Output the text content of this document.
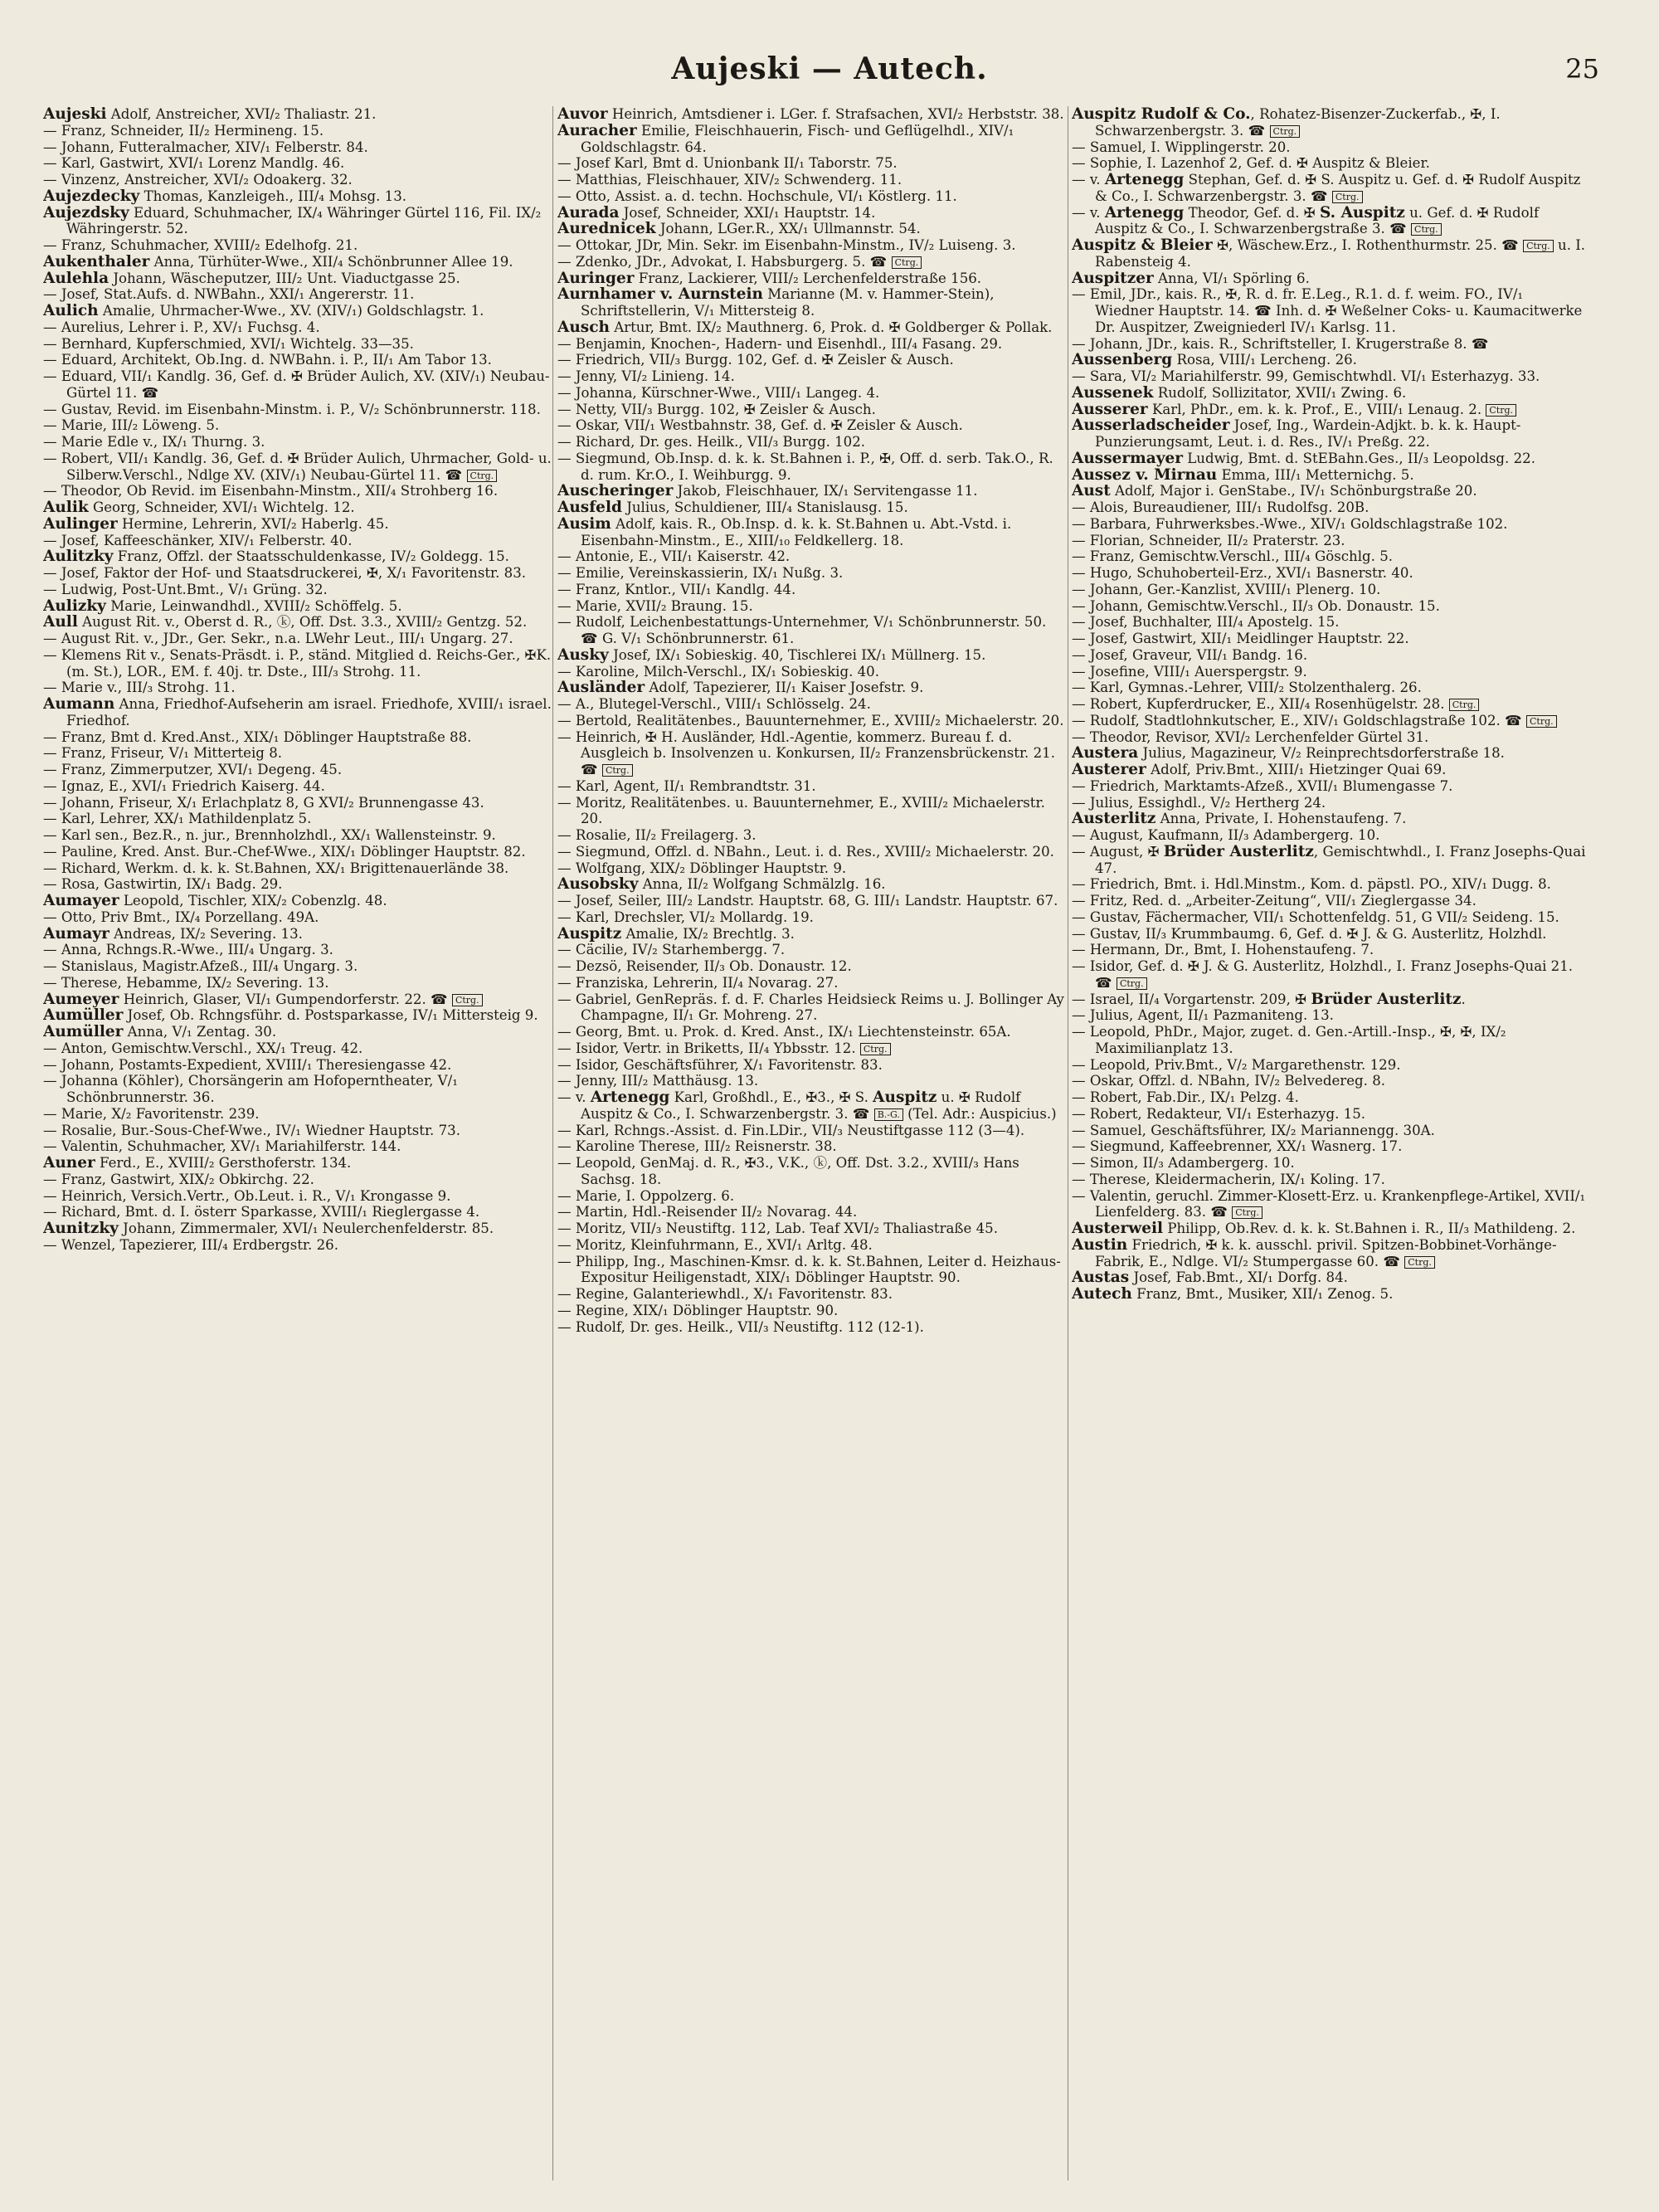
Aujeski — Autech.	25
Aujeski Adolf, Anstreicher, XVI/₂ Thaliastr. 21.
— Franz, Schneider, II/₂ Hermineng. 15.
— Johann, Futteralmacher, XIV/₁ Felberstr. 84.
— Karl, Gastwirt, XVI/₁ Lorenz Mandlg. 46.
— Vinzenz, Anstreicher, XVI/₂ Odoakerg. 32.
Aujezdecky Thomas, Kanzleigeh., III/₄ Mohsg. 13.
Aujezdsky Eduard, Schuhmacher, IX/₄ Währinger Gürtel 116, Fil. IX/₂ Währingerstr. 52.
— Franz, Schuhmacher, XVIII/₂ Edelhofg. 21.
Aukenthaler Anna, Türhüter-Wwe., XII/₄ Schönbrunner Allee 19.
Aulehla Johann, Wäscheputzer, III/₂ Unt. Viaductgasse 25.
— Josef, Stat.Aufs. d. NWBahn., XXI/₁ Angererstr. 11.
Aulich Amalie, Uhrmacher-Wwe., XV. (XIV/₁) Goldschlagstr. 1.
— Aurelius, Lehrer i. P., XV/₁ Fuchsg. 4.
— Bernhard, Kupferschmied, XVI/₁ Wichtelg. 33—35.
— Eduard, Architekt, Ob.Ing. d. NWBahn. i. P., II/₁ Am Tabor 13.
— Eduard, VII/₁ Kandlg. 36, Gef. d. ✠ Brüder Aulich, XV. (XIV/₁) Neubau-Gürtel 11. ☎
— Gustav, Revid. im Eisenbahn-Minstm. i. P., V/₂ Schönbrunnerstr. 118.
— Marie, III/₂ Löweng. 5.
— Marie Edle v., IX/₁ Thurng. 3.
— Robert, VII/₁ Kandlg. 36, Gef. d. ✠ Brüder Aulich, Uhrmacher, Gold- u. Silberw.Verschl., Ndlge XV. (XIV/₁) Neubau-Gürtel 11. ☎ Ctrg.
— Theodor, Ob Revid. im Eisenbahn-Minstm., XII/₄ Strohberg 16.
Aulik Georg, Schneider, XVI/₁ Wichtelg. 12.
Aulinger Hermine, Lehrerin, XVI/₂ Haberlg. 45.
— Josef, Kaffeeschänker, XIV/₁ Felberstr. 40.
Aulitzky Franz, Offzl. der Staatsschuldenkasse, IV/₂ Goldegg. 15.
— Josef, Faktor der Hof- und Staatsdruckerei, ✠, X/₁ Favoritenstr. 83.
— Ludwig, Post-Unt.Bmt., V/₁ Grüng. 32.
Aulizky Marie, Leinwandhdl., XVIII/₂ Schöffelg. 5.
Aull August Rit. v., Oberst d. R., ⓚ, Off. Dst. 3.3., XVIII/₂ Gentzg. 52.
— August Rit. v., JDr., Ger. Sekr., n.a. LWehr Leut., III/₁ Ungarg. 27.
— Klemens Rit v., Senats-Präsdt. i. P., ständ. Mitglied d. Reichs-Ger., ✠K. (m. St.), LOR., EM. f. 40j. tr. Dste., III/₃ Strohg. 11.
— Marie v., III/₃ Strohg. 11.
Aumann Anna, Friedhof-Aufseherin am israel. Friedhofe, XVIII/₁ israel. Friedhof.
— Franz, Bmt d. Kred.Anst., XIX/₁ Döblinger Hauptstraße 88.
— Franz, Friseur, V/₁ Mitterteig 8.
— Franz, Zimmerputzer, XVI/₁ Degeng. 45.
— Ignaz, E., XVI/₁ Friedrich Kaiserg. 44.
— Johann, Friseur, X/₁ Erlachplatz 8, G XVI/₂ Brunnengasse 43.
— Karl, Lehrer, XX/₁ Mathildenplatz 5.
— Karl sen., Bez.R., n. jur., Brennholzhdl., XX/₁ Wallensteinstr. 9.
— Pauline, Kred. Anst. Bur.-Chef-Wwe., XIX/₁ Döblinger Hauptstr. 82.
— Richard, Werkm. d. k. k. St.Bahnen, XX/₁ Brigittenauerlände 38.
— Rosa, Gastwirtin, IX/₁ Badg. 29.
Aumayer Leopold, Tischler, XIX/₂ Cobenzlg. 48.
— Otto, Priv Bmt., IX/₄ Porzellang. 49A.
Aumayr Andreas, IX/₂ Severing. 13.
— Anna, Rchngs.R.-Wwe., III/₄ Ungarg. 3.
— Stanislaus, Magistr.Afzeß., III/₄ Ungarg. 3.
— Therese, Hebamme, IX/₂ Severing. 13.
Aumeyer Heinrich, Glaser, VI/₁ Gumpendorferstr. 22. ☎ Ctrg.
Aumüller Josef, Ob. Rchngsführ. d. Postsparkasse, IV/₁ Mittersteig 9.
Aumüller Anna, V/₁ Zentag. 30.
— Anton, Gemischtw.Verschl., XX/₁ Treug. 42.
— Johann, Postamts-Expedient, XVIII/₁ Theresiengasse 42.
— Johanna (Köhler), Chorsängerin am Hofoperntheater, V/₁ Schönbrunnerstr. 36.
— Marie, X/₂ Favoritenstr. 239.
— Rosalie, Bur.-Sous-Chef-Wwe., IV/₁ Wiedner Hauptstr. 73.
— Valentin, Schuhmacher, XV/₁ Mariahilferstr. 144.
Auner Ferd., E., XVIII/₂ Gersthoferstr. 134.
— Franz, Gastwirt, XIX/₂ Obkirchg. 22.
— Heinrich, Versich.Vertr., Ob.Leut. i. R., V/₁ Krongasse 9.
— Richard, Bmt. d. I. österr Sparkasse, XVIII/₁ Rieglergasse 4.
Aunitzky Johann, Zimmermaler, XVI/₁ Neulerchenfelderstr. 85.
— Wenzel, Tapezierer, III/₄ Erdbergstr. 26.
Auvor Heinrich, Amtsdiener i. LGer. f. Strafsachen, XVI/₂ Herbststr. 38.
Auracher Emilie, Fleischhauerin, Fisch- und Geflügelhdl., XIV/₁ Goldschlagstr. 64.
— Josef Karl, Bmt d. Unionbank II/₁ Taborstr. 75.
— Matthias, Fleischhauer, XIV/₂ Schwenderg. 11.
— Otto, Assist. a. d. techn. Hochschule, VI/₁ Köstlerg. 11.
Aurada Josef, Schneider, XXI/₁ Hauptstr. 14.
Aurednicek Johann, LGer.R., XX/₁ Ullmannstr. 54.
— Ottokar, JDr, Min. Sekr. im Eisenbahn-Minstm., IV/₂ Luiseng. 3.
— Zdenko, JDr., Advokat, I. Habsburgerg. 5. ☎ Ctrg.
Auringer Franz, Lackierer, VIII/₂ Lerchenfelderstraße 156.
Aurnhamer v. Aurnstein Marianne (M. v. Hammer-Stein), Schriftstellerin, V/₁ Mittersteig 8.
Ausch Artur, Bmt. IX/₂ Mauthnerg. 6, Prok. d. ✠ Goldberger & Pollak.
— Benjamin, Knochen-, Hadern- und Eisenhdl., III/₄ Fasang. 29.
— Friedrich, VII/₃ Burgg. 102, Gef. d. ✠ Zeisler & Ausch.
— Jenny, VI/₂ Linieng. 14.
— Johanna, Kürschner-Wwe., VIII/₁ Langeg. 4.
— Netty, VII/₃ Burgg. 102, ✠ Zeisler & Ausch.
— Oskar, VII/₁ Westbahnstr. 38, Gef. d. ✠ Zeisler & Ausch.
— Richard, Dr. ges. Heilk., VII/₃ Burgg. 102.
— Siegmund, Ob.Insp. d. k. k. St.Bahnen i. P., ✠, Off. d. serb. Tak.O., R. d. rum. Kr.O., I. Weihburgg. 9.
Auscheringer Jakob, Fleischhauer, IX/₁ Servitengasse 11.
Ausfeld Julius, Schuldiener, III/₄ Stanislausg. 15.
Ausim Adolf, kais. R., Ob.Insp. d. k. k. St.Bahnen u. Abt.-Vstd. i. Eisenbahn-Minstm., E., XIII/₁₀ Feldkellerg. 18.
— Antonie, E., VII/₁ Kaiserstr. 42.
— Emilie, Vereinskassierin, IX/₁ Nußg. 3.
— Franz, Kntlor., VII/₁ Kandlg. 44.
— Marie, XVII/₂ Braung. 15.
— Rudolf, Leichenbestattungs-Unternehmer, V/₁ Schönbrunnerstr. 50. ☎ G. V/₁ Schönbrunnerstr. 61.
Ausky Josef, IX/₁ Sobieskig. 40, Tischlerei IX/₁ Müllnerg. 15.
— Karoline, Milch-Verschl., IX/₁ Sobieskig. 40.
Ausländer Adolf, Tapezierer, II/₁ Kaiser Josefstr. 9.
— A., Blutegel-Verschl., VIII/₁ Schlösselg. 24.
— Bertold, Realitätenbes., Bauunternehmer, E., XVIII/₂ Michaelerstr. 20.
— Heinrich, ✠ H. Ausländer, Hdl.-Agentie, kommerz. Bureau f. d. Ausgleich b. Insolvenzen u. Konkursen, II/₂ Franzensbrückenstr. 21. ☎ Ctrg.
— Karl, Agent, II/₁ Rembrandtstr. 31.
— Moritz, Realitätenbes. u. Bauunternehmer, E., XVIII/₂ Michaelerstr. 20.
— Rosalie, II/₂ Freilagerg. 3.
— Siegmund, Offzl. d. NBahn., Leut. i. d. Res., XVIII/₂ Michaelerstr. 20.
— Wolfgang, XIX/₂ Döblinger Hauptstr. 9.
Ausobsky Anna, II/₂ Wolfgang Schmälzlg. 16.
— Josef, Seiler, III/₂ Landstr. Hauptstr. 68, G. III/₁ Landstr. Hauptstr. 67.
— Karl, Drechsler, VI/₂ Mollardg. 19.
Auspitz Amalie, IX/₂ Brechtlg. 3.
— Cäcilie, IV/₂ Starhembergg. 7.
— Dezsö, Reisender, II/₃ Ob. Donaustr. 12.
— Franziska, Lehrerin, II/₄ Novarag. 27.
— Gabriel, GenRepräs. f. d. F. Charles Heidsieck Reims u. J. Bollinger Ay Champagne, II/₁ Gr. Mohreng. 27.
— Georg, Bmt. u. Prok. d. Kred. Anst., IX/₁ Liechtensteinstr. 65A.
— Isidor, Vertr. in Briketts, II/₄ Ybbsstr. 12. Ctrg.
— Isidor, Geschäftsführer, X/₁ Favoritenstr. 83.
— Jenny, III/₂ Matthäusg. 13.
— v. Artenegg Karl, Großhdl., E., ✠3., ✠ S. Auspitz u. ✠ Rudolf Auspitz & Co., I. Schwarzenbergstr. 3. ☎ B.-G. (Tel. Adr.: Auspicius.)
— Karl, Rchngs.-Assist. d. Fin.LDir., VII/₃ Neustiftgasse 112 (3—4).
— Karoline Therese, III/₂ Reisnerstr. 38.
— Leopold, GenMaj. d. R., ✠3., V.K., ⓚ, Off. Dst. 3.2., XVIII/₃ Hans Sachsg. 18.
— Marie, I. Oppolzerg. 6.
— Martin, Hdl.-Reisender II/₂ Novarag. 44.
— Moritz, VII/₃ Neustiftg. 112, Lab. Teaf XVI/₂ Thaliastraße 45.
— Moritz, Kleinfuhrmann, E., XVI/₁ Arltg. 48.
— Philipp, Ing., Maschinen-Kmsr. d. k. k. St.Bahnen, Leiter d. Heizhaus-Expositur Heiligenstadt, XIX/₁ Döblinger Hauptstr. 90.
— Regine, Galanteriewhdl., X/₁ Favoritenstr. 83.
— Regine, XIX/₁ Döblinger Hauptstr. 90.
— Rudolf, Dr. ges. Heilk., VII/₃ Neustiftg. 112 (12-1).
Auspitz Rudolf & Co., Rohatez-Bisenzer-Zuckerfab., ✠, I. Schwarzenbergstr. 3. ☎ Ctrg.
— Samuel, I. Wipplingerstr. 20.
— Sophie, I. Lazenhof 2, Gef. d. ✠ Auspitz & Bleier.
— v. Artenegg Stephan, Gef. d. ✠ S. Auspitz u. Gef. d. ✠ Rudolf Auspitz & Co., I. Schwarzenbergstr. 3. ☎ Ctrg.
— v. Artenegg Theodor, Gef. d. ✠ S. Auspitz u. Gef. d. ✠ Rudolf Auspitz & Co., I. Schwarzenbergstraße 3. ☎ Ctrg.
Auspitz & Bleier ✠, Wäschew.Erz., I. Rothenthurmstr. 25. ☎ Ctrg. u. I. Rabensteig 4.
Auspitzer Anna, VI/₁ Spörling 6.
— Emil, JDr., kais. R., ✠, R. d. fr. E.Leg., R.1. d. f. weim. FO., IV/₁ Wiedner Hauptstr. 14. ☎ Inh. d. ✠ Weßelner Coks- u. Kaumacitwerke Dr. Auspitzer, Zweigniederl IV/₁ Karlsg. 11.
— Johann, JDr., kais. R., Schriftsteller, I. Krugerstraße 8. ☎
Aussenberg Rosa, VIII/₁ Lercheng. 26.
— Sara, VI/₂ Mariahilferstr. 99, Gemischtwhdl. VI/₁ Esterhazyg. 33.
Aussenek Rudolf, Sollizitator, XVII/₁ Zwing. 6.
Ausserer Karl, PhDr., em. k. k. Prof., E., VIII/₁ Lenaug. 2. Ctrg.
Ausserladscheider Josef, Ing., Wardein-Adjkt. b. k. k. Haupt-Punzierungsamt, Leut. i. d. Res., IV/₁ Preßg. 22.
Aussermayer Ludwig, Bmt. d. StEBahn.Ges., II/₃ Leopoldsg. 22.
Aussez v. Mirnau Emma, III/₁ Metternichg. 5.
Aust Adolf, Major i. GenStabe., IV/₁ Schönburgstraße 20.
— Alois, Bureaudiener, III/₁ Rudolfsg. 20B.
— Barbara, Fuhrwerksbes.-Wwe., XIV/₁ Goldschlagstraße 102.
— Florian, Schneider, II/₂ Praterstr. 23.
— Franz, Gemischtw.Verschl., III/₄ Göschlg. 5.
— Hugo, Schuhoberteil-Erz., XVI/₁ Basnerstr. 40.
— Johann, Ger.-Kanzlist, XVIII/₁ Plenerg. 10.
— Johann, Gemischtw.Verschl., II/₃ Ob. Donaustr. 15.
— Josef, Buchhalter, III/₄ Apostelg. 15.
— Josef, Gastwirt, XII/₁ Meidlinger Hauptstr. 22.
— Josef, Graveur, VII/₁ Bandg. 16.
— Josefine, VIII/₁ Auerspergstr. 9.
— Karl, Gymnas.-Lehrer, VIII/₂ Stolzenthalerg. 26.
— Robert, Kupferdrucker, E., XII/₄ Rosenhügelstr. 28. Ctrg.
— Rudolf, Stadtlohnkutscher, E., XIV/₁ Goldschlagstraße 102. ☎ Ctrg.
— Theodor, Revisor, XVI/₂ Lerchenfelder Gürtel 31.
Austera Julius, Magazineur, V/₂ Reinprechtsdorferstraße 18.
Austerer Adolf, Priv.Bmt., XIII/₁ Hietzinger Quai 69.
— Friedrich, Marktamts-Afzeß., XVII/₁ Blumengasse 7.
— Julius, Essighdl., V/₂ Hertherg 24.
Austerlitz Anna, Private, I. Hohenstaufeng. 7.
— August, Kaufmann, II/₃ Adambergerg. 10.
— August, ✠ Brüder Austerlitz, Gemischtwhdl., I. Franz Josephs-Quai 47.
— Friedrich, Bmt. i. Hdl.Minstm., Kom. d. päpstl. PO., XIV/₁ Dugg. 8.
— Fritz, Red. d. „Arbeiter-Zeitung“, VII/₁ Zieglergasse 34.
— Gustav, Fächermacher, VII/₁ Schottenfeldg. 51, G VII/₂ Seideng. 15.
— Gustav, II/₃ Krummbaumg. 6, Gef. d. ✠ J. & G. Austerlitz, Holzhdl.
— Hermann, Dr., Bmt, I. Hohenstaufeng. 7.
— Isidor, Gef. d. ✠ J. & G. Austerlitz, Holzhdl., I. Franz Josephs-Quai 21. ☎ Ctrg.
— Israel, II/₄ Vorgartenstr. 209, ✠ Brüder Austerlitz.
— Julius, Agent, II/₁ Pazmaniteng. 13.
— Leopold, PhDr., Major, zuget. d. Gen.-Artill.-Insp., ✠, ✠, IX/₂ Maximilianplatz 13.
— Leopold, Priv.Bmt., V/₂ Margarethenstr. 129.
— Oskar, Offzl. d. NBahn, IV/₂ Belvedereg. 8.
— Robert, Fab.Dir., IX/₁ Pelzg. 4.
— Robert, Redakteur, VI/₁ Esterhazyg. 15.
— Samuel, Geschäftsführer, IX/₂ Mariannengg. 30A.
— Siegmund, Kaffeebrenner, XX/₁ Wasnerg. 17.
— Simon, II/₃ Adambergerg. 10.
— Therese, Kleidermacherin, IX/₁ Koling. 17.
— Valentin, geruchl. Zimmer-Klosett-Erz. u. Krankenpflege-Artikel, XVII/₁ Lienfelderg. 83. ☎ Ctrg.
Austerweil Philipp, Ob.Rev. d. k. k. St.Bahnen i. R., II/₃ Mathildeng. 2.
Austin Friedrich, ✠ k. k. ausschl. privil. Spitzen-Bobbinet-Vorhänge-Fabrik, E., Ndlge. VI/₂ Stumpergasse 60. ☎ Ctrg.
Austas Josef, Fab.Bmt., XI/₁ Dorfg. 84.
Autech Franz, Bmt., Musiker, XII/₁ Zenog. 5.
